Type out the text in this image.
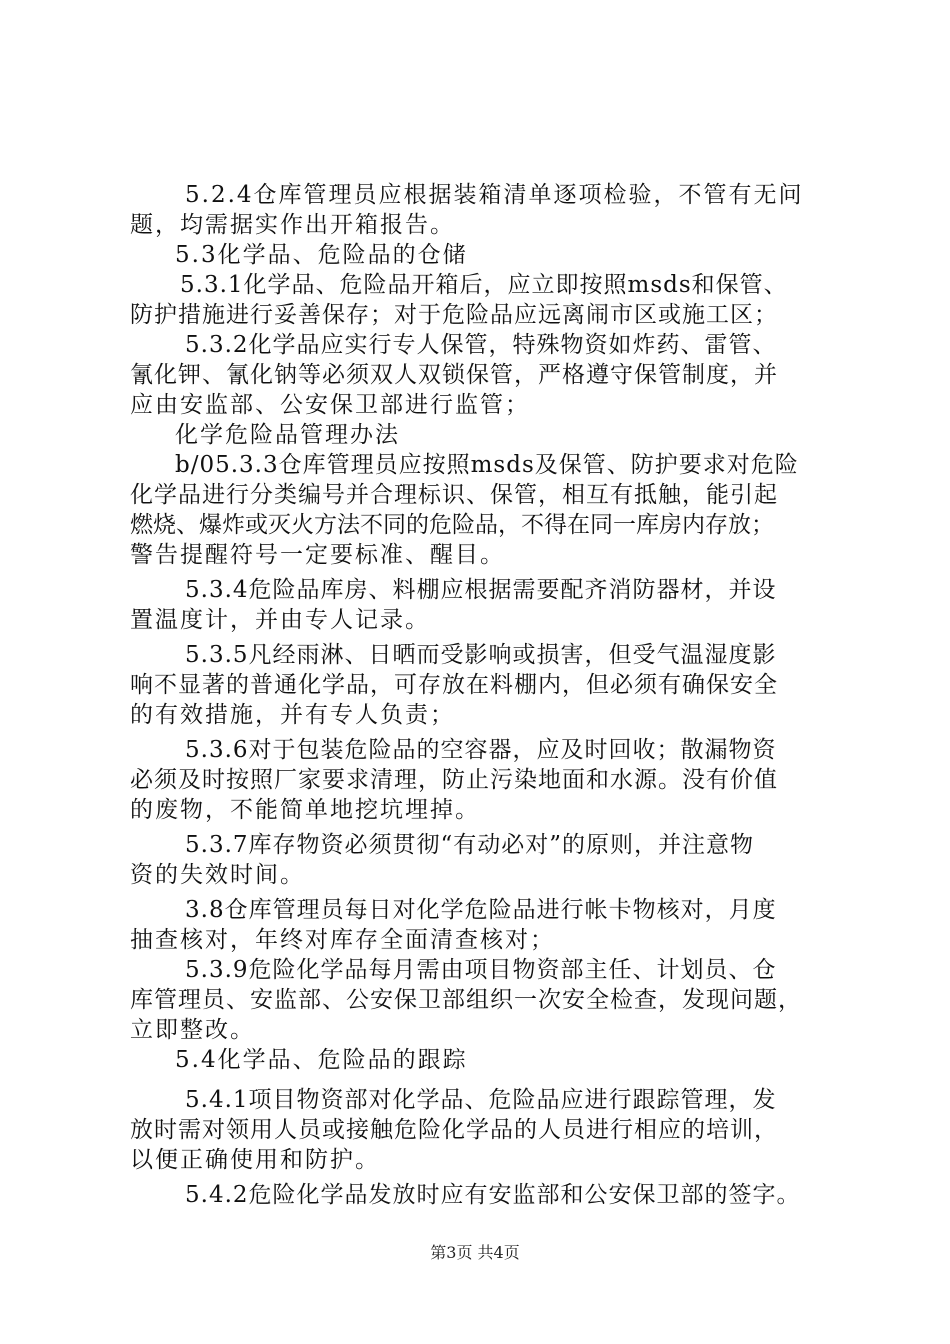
5.2.4仓库管理员应根据装箱清单逐项检验，不管有无问
题，均需据实作出开箱报告。
5.3化学品、危险品的仓储
5.3.1化学品、危险品开箱后，应立即按照msds和保管、
防护措施进行妥善保存；对于危险品应远离闹市区或施工区；
5.3.2化学品应实行专人保管，特殊物资如炸药、雷管、
氰化钾、氰化钠等必须双人双锁保管，严格遵守保管制度，并
应由安监部、公安保卫部进行监管；
化学危险品管理办法
b/05.3.3仓库管理员应按照msds及保管、防护要求对危险
化学品进行分类编号并合理标识、保管，相互有抵触，能引起
燃烧、爆炸或灭火方法不同的危险品，不得在同一库房内存放；
警告提醒符号一定要标准、醒目。
5.3.4危险品库房、料棚应根据需要配齐消防器材，并设
置温度计，并由专人记录。
5.3.5凡经雨淋、日晒而受影响或损害，但受气温湿度影
响不显著的普通化学品，可存放在料棚内，但必须有确保安全
的有效措施，并有专人负责；
5.3.6对于包装危险品的空容器，应及时回收；散漏物资
必须及时按照厂家要求清理，防止污染地面和水源。没有价值
的废物，不能简单地挖坑埋掉。
5.3.7库存物资必须贯彻“有动必对”的原则，并注意物
资的失效时间。
3.8仓库管理员每日对化学危险品进行帐卡物核对，月度
抽查核对，年终对库存全面清查核对；
5.3.9危险化学品每月需由项目物资部主任、计划员、仓
库管理员、安监部、公安保卫部组织一次安全检查，发现问题，
立即整改。
5.4化学品、危险品的跟踪
5.4.1项目物资部对化学品、危险品应进行跟踪管理，发
放时需对领用人员或接触危险化学品的人员进行相应的培训，
以便正确使用和防护。
5.4.2危险化学品发放时应有安监部和公安保卫部的签字。
第3页 共4页
